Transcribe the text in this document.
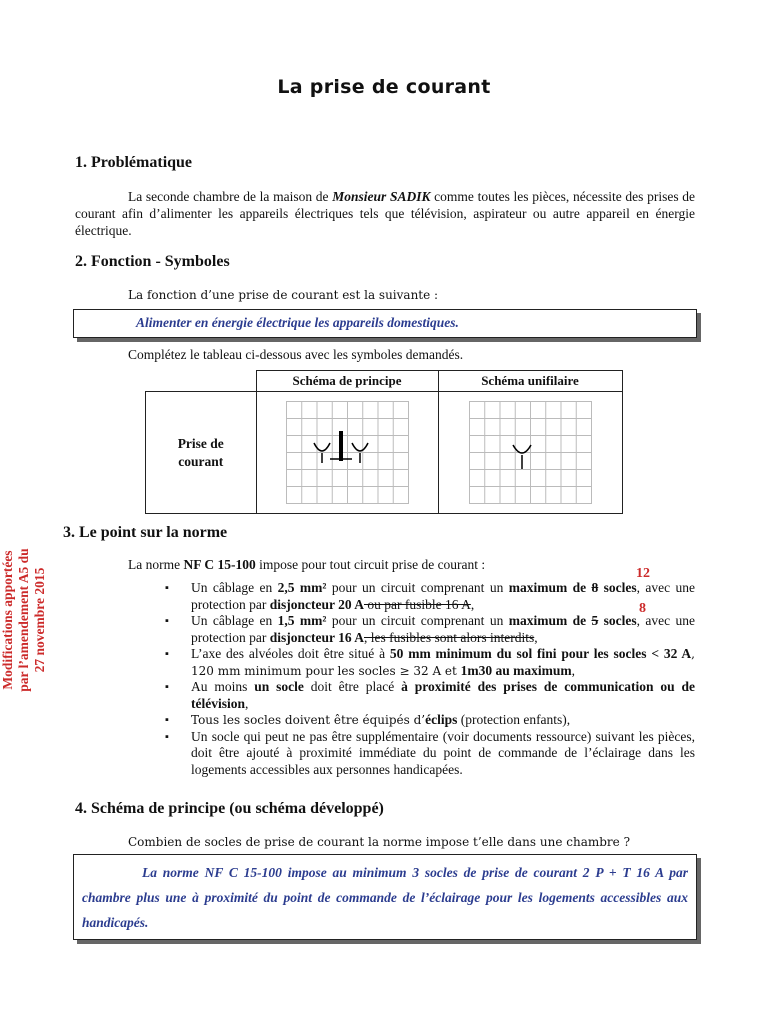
La prise de courant
1. Problématique
La seconde chambre de la maison de Monsieur SADIK comme toutes les pièces, nécessite des prises de courant afin d’alimenter les appareils électriques tels que télévision, aspirateur ou autre appareil en énergie électrique.
2. Fonction - Symboles
La fonction d’une prise de courant est la suivante :
Alimenter en énergie électrique les appareils domestiques.
Complétez le tableau ci-dessous avec les symboles demandés.
	Schéma de principe	Schéma unifilaire

Prise de
courant

3. Le point sur la norme
Modifications apportées par l’amendement A5 du 27 novembre 2015
La norme NF C 15-100 impose pour tout circuit prise de courant :
12
8
▪ Un câblage en 2,5 mm² pour un circuit comprenant un maximum de 8 socles, avec une protection par disjoncteur 20 A ou par fusible 16 A,
▪ Un câblage en 1,5 mm² pour un circuit comprenant un maximum de 5 socles, avec une protection par disjoncteur 16 A, les fusibles sont alors interdits,
▪ L’axe des alvéoles doit être situé à 50 mm minimum du sol fini pour les socles < 32 A, 120 mm minimum pour les socles ≥ 32 A et 1m30 au maximum,
▪ Au moins un socle doit être placé à proximité des prises de communication ou de télévision,
▪ Tous les socles doivent être équipés d’éclips (protection enfants),
▪ Un socle qui peut ne pas être supplémentaire (voir documents ressource) suivant les pièces, doit être ajouté à proximité immédiate du point de commande de l’éclairage dans les logements accessibles aux personnes handicapées.
4. Schéma de principe (ou schéma développé)
Combien de socles de prise de courant la norme impose t’elle dans une chambre ?
La norme NF C 15-100 impose au minimum 3 socles de prise de courant 2 P + T 16 A par chambre plus une à proximité du point de commande de l’éclairage pour les logements accessibles aux handicapés.
